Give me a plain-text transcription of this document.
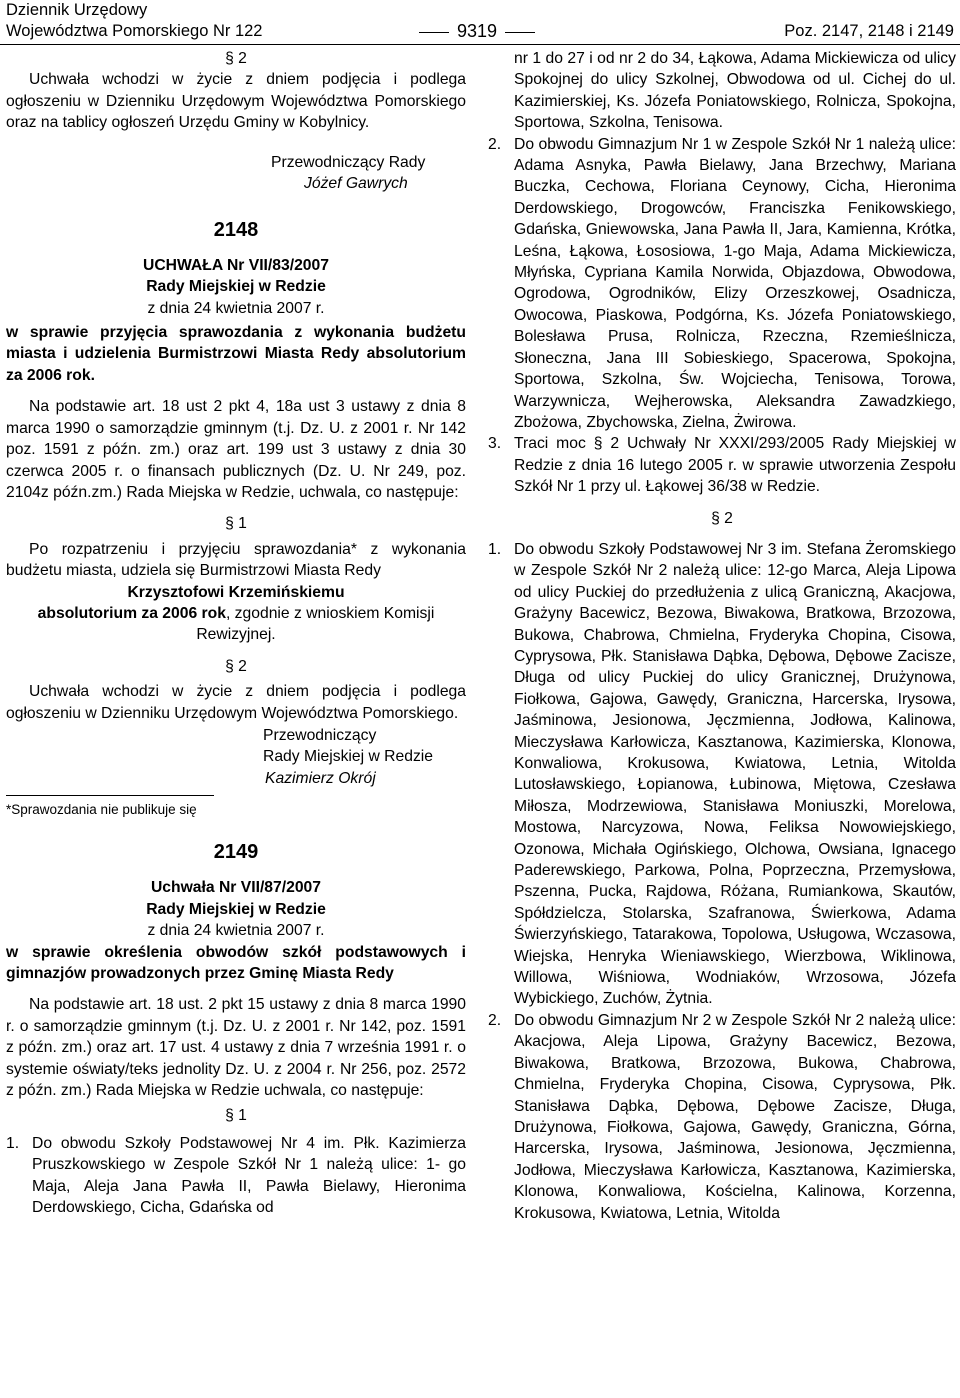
Dziennik Urzędowy
Województwa Pomorskiego Nr 122	9319	Poz. 2147, 2148 i 2149

§ 2

Uchwała wchodzi w życie z dniem podjęcia i podlega ogłoszeniu w Dzienniku Urzędowym Województwa Pomorskiego oraz na tablicy ogłoszeń Urzędu Gminy w Kobylnicy.

Przewodniczący Rady

Jóżef Gawrych

2148

UCHWAŁA Nr VII/83/2007

Rady Miejskiej w Redzie

z dnia 24 kwietnia 2007 r.

w sprawie przyjęcia sprawozdania z wykonania budżetu miasta i udzielenia Burmistrzowi Miasta Redy absolutorium za 2006 rok.

Na podstawie art. 18 ust 2 pkt 4, 18a ust 3 ustawy z dnia 8 marca 1990 o samorządzie gminnym (t.j. Dz. U. z 2001 r. Nr 142 poz. 1591 z późn. zm.) oraz art. 199 ust 3 ustawy z dnia 30 czerwca 2005 r. o finansach publicznych (Dz. U. Nr 249, poz. 2104z późn.zm.) Rada Miejska w Redzie, uchwala, co następuje:

§ 1

Po rozpatrzeniu i przyjęciu sprawozdania* z wykonania budżetu miasta, udziela się Burmistrzowi Miasta Redy

Krzysztofowi Krzemińskiemu

absolutorium za 2006 rok, zgodnie z wnioskiem Komisji Rewizyjnej.

§ 2

Uchwała wchodzi w życie z dniem podjęcia i podlega ogłoszeniu w Dzienniku Urzędowym Województwa Pomorskiego.

Przewodniczący
Rady Miejskiej w Redzie
Kazimierz Okrój
*Sprawozdania nie publikuje się

2149

Uchwała Nr VII/87/2007

Rady Miejskiej w Redzie

z dnia 24 kwietnia 2007 r.

w sprawie określenia obwodów szkół podstawowych i gimnazjów prowadzonych przez Gminę Miasta Redy

Na podstawie art. 18 ust. 2 pkt 15 ustawy z dnia 8 marca 1990 r. o samorządzie gminnym (t.j. Dz. U. z 2001 r. Nr 142, poz. 1591 z późn. zm.) oraz art. 17 ust. 4 ustawy z dnia 7 września 1991 r. o systemie oświaty/teks jednolity Dz. U. z 2004 r. Nr 256, poz. 2572 z późn. zm.) Rada Miejska w Redzie uchwala, co następuje:

§ 1

1. Do obwodu Szkoły Podstawowej Nr 4 im. Płk. Kazimierza Pruszkowskiego w Zespole Szkół Nr 1 należą ulice: 1- go Maja, Aleja Jana Pawła II, Pawła Bielawy, Hieronima Derdowskiego, Cicha, Gdańska od

nr 1 do 27 i od nr 2 do 34, Łąkowa, Adama Mickiewicza od ulicy Spokojnej do ulicy Szkolnej, Obwodowa od ul. Cichej do ul. Kazimierskiej, Ks. Józefa Poniatowskiego, Rolnicza, Spokojna, Sportowa, Szkolna, Tenisowa.

2. Do obwodu Gimnazjum Nr 1 w Zespole Szkół Nr 1 należą ulice: Adama Asnyka, Pawła Bielawy, Jana Brzechwy, Mariana Buczka, Cechowa, Floriana Ceynowy, Cicha, Hieronima Derdowskiego, Drogowców, Franciszka Fenikowskiego, Gdańska, Gniewowska, Jana Pawła II, Jara, Kamienna, Krótka, Leśna, Łąkowa, Łososiowa, 1-go Maja, Adama Mickiewicza, Młyńska, Cypriana Kamila Norwida, Objazdowa, Obwodowa, Ogrodowa, Ogrodników, Elizy Orzeszkowej, Osadnicza, Owocowa, Piaskowa, Podgórna, Ks. Józefa Poniatowskiego, Bolesława Prusa, Rolnicza, Rzeczna, Rzemieślnicza, Słoneczna, Jana III Sobieskiego, Spacerowa, Spokojna, Sportowa, Szkolna, Św. Wojciecha, Tenisowa, Torowa, Warzywnicza, Wejherowska, Aleksandra Zawadzkiego, Zbożowa, Zbychowska, Zielna, Żwirowa.
3. Traci moc § 2 Uchwały Nr XXXI/293/2005 Rady Miejskiej w Redzie z dnia 16 lutego 2005 r. w sprawie utworzenia Zespołu Szkół Nr 1 przy ul. Łąkowej 36/38 w Redzie.

§ 2

1. Do obwodu Szkoły Podstawowej Nr 3 im. Stefana Żeromskiego w Zespole Szkół Nr 2 należą ulice: 12-go Marca, Aleja Lipowa od ulicy Puckiej do przedłużenia z ulicą Graniczną, Akacjowa, Grażyny Bacewicz, Bezowa, Biwakowa, Bratkowa, Brzozowa, Bukowa, Chabrowa, Chmielna, Fryderyka Chopina, Cisowa, Cyprysowa, Płk. Stanisława Dąbka, Dębowa, Dębowe Zacisze, Długa od ulicy Puckiej do ulicy Granicznej, Drużynowa, Fiołkowa, Gajowa, Gawędy, Graniczna, Harcerska, Irysowa, Jaśminowa, Jesionowa, Jęczmienna, Jodłowa, Kalinowa, Mieczysława Karłowicza, Kasztanowa, Kazimierska, Klonowa, Konwaliowa, Krokusowa, Kwiatowa, Letnia, Witolda Lutosławskiego, Łopianowa, Łubinowa, Miętowa, Czesława Miłosza, Modrzewiowa, Stanisława Moniuszki, Morelowa, Mostowa, Narcyzowa, Nowa, Feliksa Nowowiejskiego, Ozonowa, Michała Ogińskiego, Olchowa, Owsiana, Ignacego Paderewskiego, Parkowa, Polna, Poprzeczna, Przemysłowa, Pszenna, Pucka, Rajdowa, Różana, Rumiankowa, Skautów, Spółdzielcza, Stolarska, Szafranowa, Świerkowa, Adama Świerzyńskiego, Tatarakowa, Topolowa, Usługowa, Wczasowa, Wiejska, Henryka Wieniawskiego, Wierzbowa, Wiklinowa, Willowa, Wiśniowa, Wodniaków, Wrzosowa, Józefa Wybickiego, Zuchów, Żytnia.
2. Do obwodu Gimnazjum Nr 2 w Zespole Szkół Nr 2 należą ulice: Akacjowa, Aleja Lipowa, Grażyny Bacewicz, Bezowa, Biwakowa, Bratkowa, Brzozowa, Bukowa, Chabrowa, Chmielna, Fryderyka Chopina, Cisowa, Cyprysowa, Płk. Stanisława Dąbka, Dębowa, Dębowe Zacisze, Długa, Drużynowa, Fiołkowa, Gajowa, Gawędy, Graniczna, Górna, Harcerska, Irysowa, Jaśminowa, Jesionowa, Jęczmienna, Jodłowa, Mieczysława Karłowicza, Kasztanowa, Kazimierska, Klonowa, Konwaliowa, Kościelna, Kalinowa, Korzenna, Krokusowa, Kwiatowa, Letnia, Witolda
